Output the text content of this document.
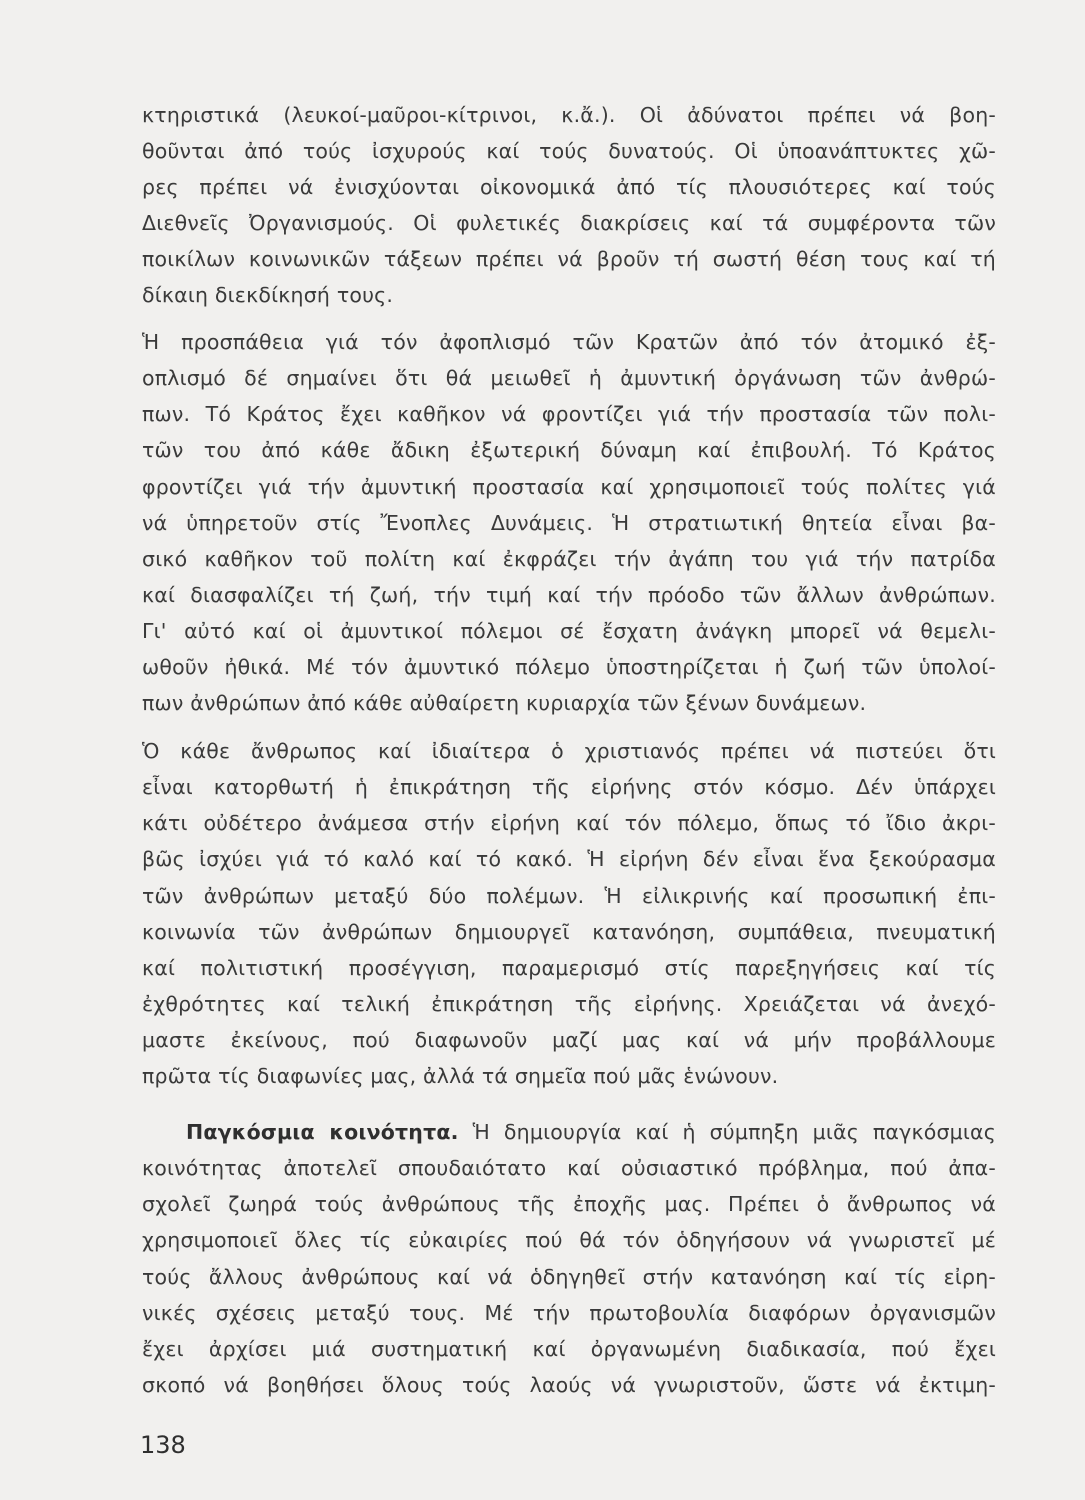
κτηριστικά (λευκοί-μαῦροι-κίτρινοι, κ.ἄ.). Οἱ ἀδύνατοι πρέπει νά βοη-
θοῦνται ἀπό τούς ἰσχυρούς καί τούς δυνατούς. Οἱ ὑποανάπτυκτες χῶ-
ρες πρέπει νά ἐνισχύονται οἰκονομικά ἀπό τίς πλουσιότερες καί τούς
Διεθνεῖς Ὀργανισμούς. Οἱ φυλετικές διακρίσεις καί τά συμφέροντα τῶν
ποικίλων κοινωνικῶν τάξεων πρέπει νά βροῦν τή σωστή θέση τους καί τή
δίκαιη διεκδίκησή τους.
Ἡ προσπάθεια γιά τόν ἀφοπλισμό τῶν Κρατῶν ἀπό τόν ἀτομικό ἐξ-
οπλισμό δέ σημαίνει ὅτι θά μειωθεῖ ἡ ἀμυντική ὀργάνωση τῶν ἀνθρώ-
πων. Τό Κράτος ἔχει καθῆκον νά φροντίζει γιά τήν προστασία τῶν πολι-
τῶν του ἀπό κάθε ἄδικη ἐξωτερική δύναμη καί ἐπιβουλή. Τό Κράτος
φροντίζει γιά τήν ἀμυντική προστασία καί χρησιμοποιεῖ τούς πολίτες γιά
νά ὑπηρετοῦν στίς Ἔνοπλες Δυνάμεις. Ἡ στρατιωτική θητεία εἶναι βα-
σικό καθῆκον τοῦ πολίτη καί ἐκφράζει τήν ἀγάπη του γιά τήν πατρίδα
καί διασφαλίζει τή ζωή, τήν τιμή καί τήν πρόοδο τῶν ἄλλων ἀνθρώπων.
Γι' αὐτό καί οἱ ἀμυντικοί πόλεμοι σέ ἔσχατη ἀνάγκη μπορεῖ νά θεμελι-
ωθοῦν ἠθικά. Μέ τόν ἀμυντικό πόλεμο ὑποστηρίζεται ἡ ζωή τῶν ὑπολοί-
πων ἀνθρώπων ἀπό κάθε αὐθαίρετη κυριαρχία τῶν ξένων δυνάμεων.
Ὁ κάθε ἄνθρωπος καί ἰδιαίτερα ὁ χριστιανός πρέπει νά πιστεύει ὅτι
εἶναι κατορθωτή ἡ ἐπικράτηση τῆς εἰρήνης στόν κόσμο. Δέν ὑπάρχει
κάτι οὐδέτερο ἀνάμεσα στήν εἰρήνη καί τόν πόλεμο, ὅπως τό ἴδιο ἀκρι-
βῶς ἰσχύει γιά τό καλό καί τό κακό. Ἡ εἰρήνη δέν εἶναι ἕνα ξεκούρασμα
τῶν ἀνθρώπων μεταξύ δύο πολέμων. Ἡ εἰλικρινής καί προσωπική ἐπι-
κοινωνία τῶν ἀνθρώπων δημιουργεῖ κατανόηση, συμπάθεια, πνευματική
καί πολιτιστική προσέγγιση, παραμερισμό στίς παρεξηγήσεις καί τίς
ἐχθρότητες καί τελική ἐπικράτηση τῆς εἰρήνης. Χρειάζεται νά ἀνεχό-
μαστε ἐκείνους, πού διαφωνοῦν μαζί μας καί νά μήν προβάλλουμε
πρῶτα τίς διαφωνίες μας, ἀλλά τά σημεῖα πού μᾶς ἑνώνουν.
Παγκόσμια κοινότητα. Ἡ δημιουργία καί ἡ σύμπηξη μιᾶς παγκόσμιας
κοινότητας ἀποτελεῖ σπουδαιότατο καί οὐσιαστικό πρόβλημα, πού ἀπα-
σχολεῖ ζωηρά τούς ἀνθρώπους τῆς ἐποχῆς μας. Πρέπει ὁ ἄνθρωπος νά
χρησιμοποιεῖ ὅλες τίς εὐκαιρίες πού θά τόν ὁδηγήσουν νά γνωριστεῖ μέ
τούς ἄλλους ἀνθρώπους καί νά ὁδηγηθεῖ στήν κατανόηση καί τίς εἰρη-
νικές σχέσεις μεταξύ τους. Μέ τήν πρωτοβουλία διαφόρων ὀργανισμῶν
ἔχει ἀρχίσει μιά συστηματική καί ὀργανωμένη διαδικασία, πού ἔχει
σκοπό νά βοηθήσει ὅλους τούς λαούς νά γνωριστοῦν, ὥστε νά ἐκτιμη-
138
